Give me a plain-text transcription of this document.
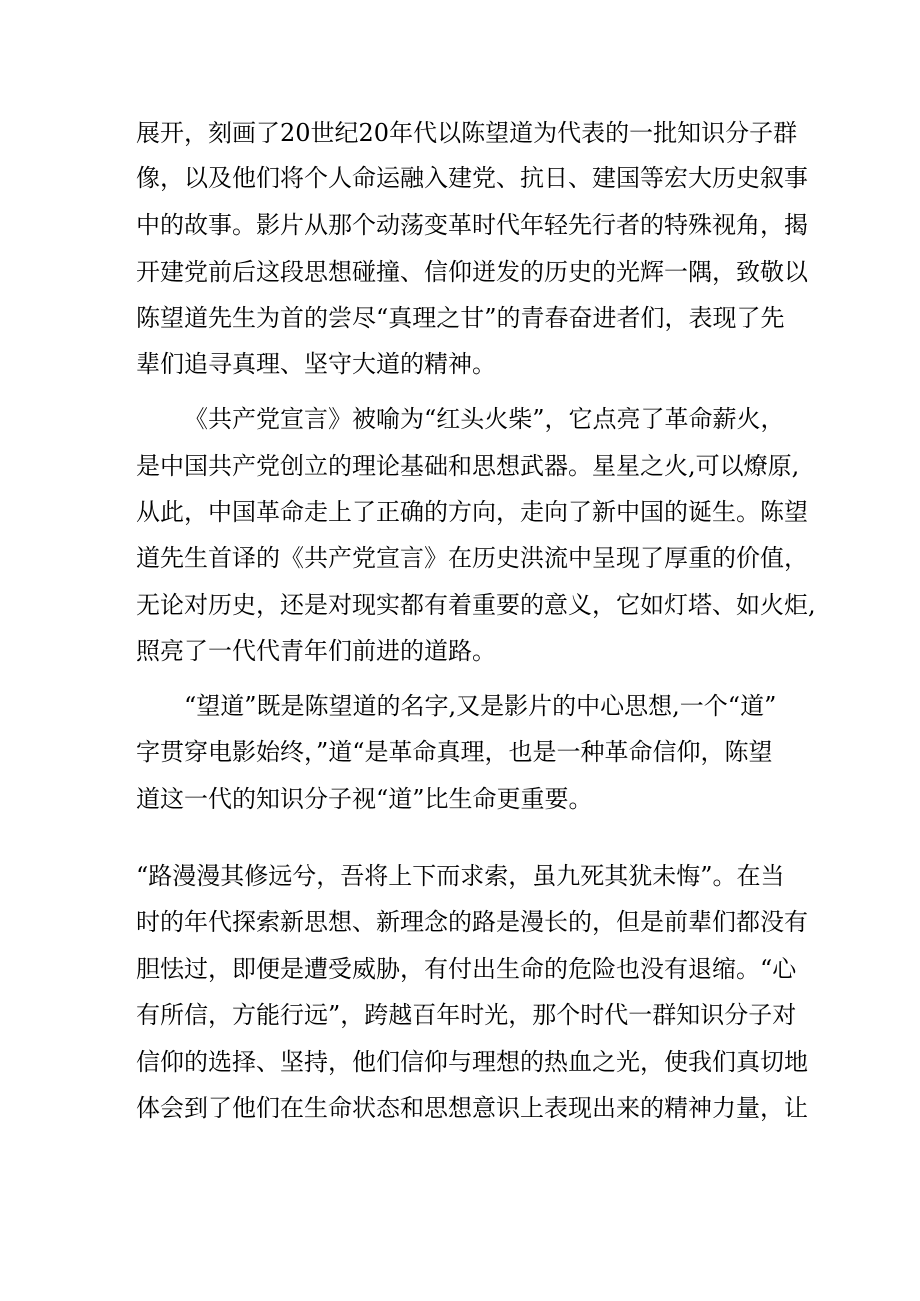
展开，刻画了20世纪20年代以陈望道为代表的一批知识分子群
像，以及他们将个人命运融入建党、抗日、建国等宏大历史叙事
中的故事。影片从那个动荡变革时代年轻先行者的特殊视角，揭
开建党前后这段思想碰撞、信仰迸发的历史的光辉一隅，致敬以
陈望道先生为首的尝尽“真理之甘”的青春奋进者们，表现了先
辈们追寻真理、坚守大道的精神。
《共产党宣言》被喻为“红头火柴”，它点亮了革命薪火，
是中国共产党创立的理论基础和思想武器。星星之火,可以燎原,
从此，中国革命走上了正确的方向，走向了新中国的诞生。陈望
道先生首译的《共产党宣言》在历史洪流中呈现了厚重的价值，
无论对历史，还是对现实都有着重要的意义，它如灯塔、如火炬,
照亮了一代代青年们前进的道路。
“望道”既是陈望道的名字,又是影片的中心思想,一个“道”
字贯穿电影始终，”道“是革命真理，也是一种革命信仰，陈望
道这一代的知识分子视“道”比生命更重要。
“路漫漫其修远兮，吾将上下而求索，虽九死其犹未悔”。在当
时的年代探索新思想、新理念的路是漫长的，但是前辈们都没有
胆怯过，即便是遭受威胁，有付出生命的危险也没有退缩。“心
有所信，方能行远”，跨越百年时光，那个时代一群知识分子对
信仰的选择、坚持，他们信仰与理想的热血之光，使我们真切地
体会到了他们在生命状态和思想意识上表现出来的精神力量，让
